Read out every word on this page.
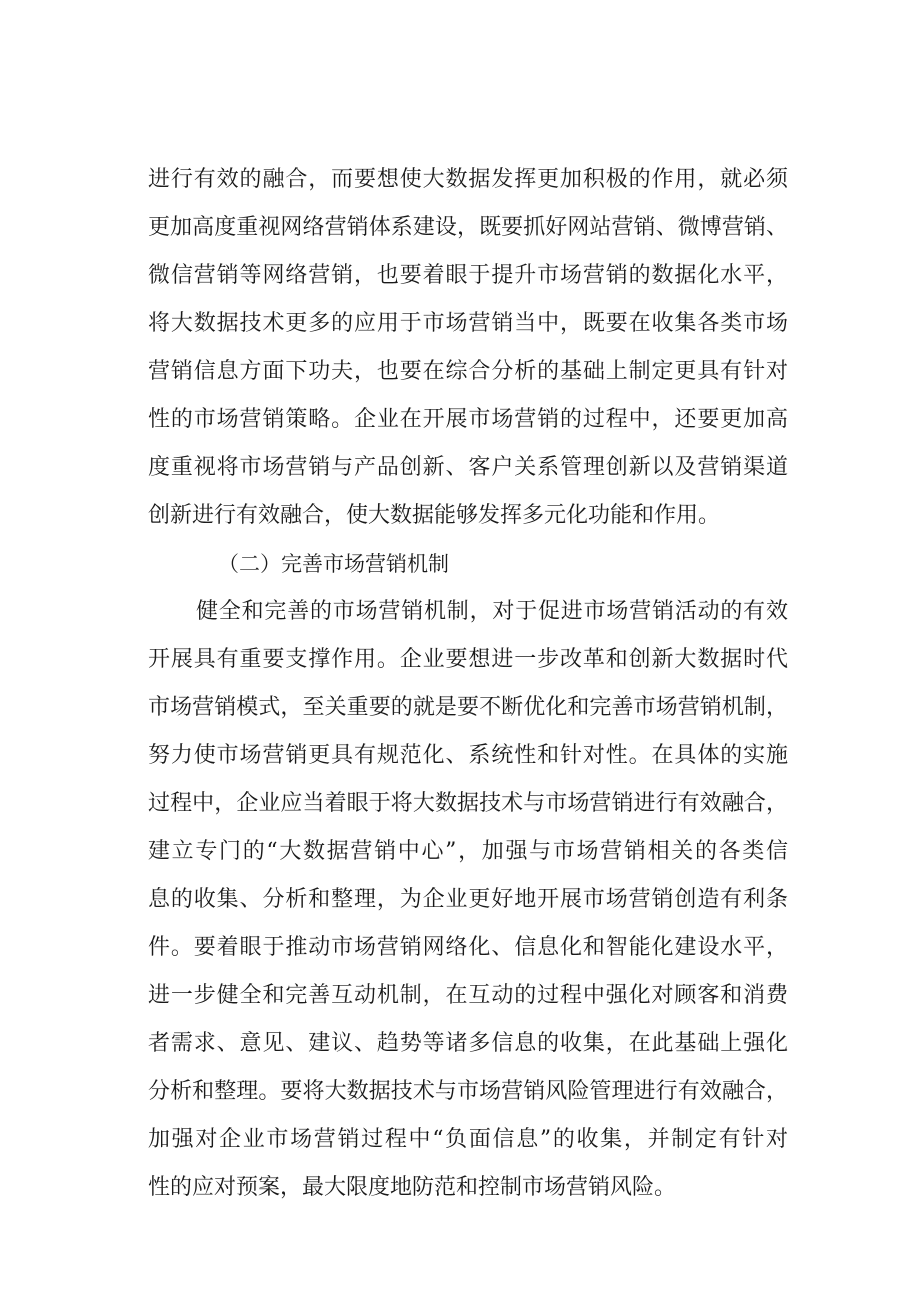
进行有效的融合，而要想使大数据发挥更加积极的作用，就必须
更加高度重视网络营销体系建设，既要抓好网站营销、微博营销、
微信营销等网络营销，也要着眼于提升市场营销的数据化水平，
将大数据技术更多的应用于市场营销当中，既要在收集各类市场
营销信息方面下功夫，也要在综合分析的基础上制定更具有针对
性的市场营销策略。企业在开展市场营销的过程中，还要更加高
度重视将市场营销与产品创新、客户关系管理创新以及营销渠道
创新进行有效融合，使大数据能够发挥多元化功能和作用。
（二）完善市场营销机制
健全和完善的市场营销机制，对于促进市场营销活动的有效
开展具有重要支撑作用。企业要想进一步改革和创新大数据时代
市场营销模式，至关重要的就是要不断优化和完善市场营销机制，
努力使市场营销更具有规范化、系统性和针对性。在具体的实施
过程中，企业应当着眼于将大数据技术与市场营销进行有效融合，
建立专门的“大数据营销中心”，加强与市场营销相关的各类信
息的收集、分析和整理，为企业更好地开展市场营销创造有利条
件。要着眼于推动市场营销网络化、信息化和智能化建设水平，
进一步健全和完善互动机制，在互动的过程中强化对顾客和消费
者需求、意见、建议、趋势等诸多信息的收集，在此基础上强化
分析和整理。要将大数据技术与市场营销风险管理进行有效融合，
加强对企业市场营销过程中“负面信息”的收集，并制定有针对
性的应对预案，最大限度地防范和控制市场营销风险。
